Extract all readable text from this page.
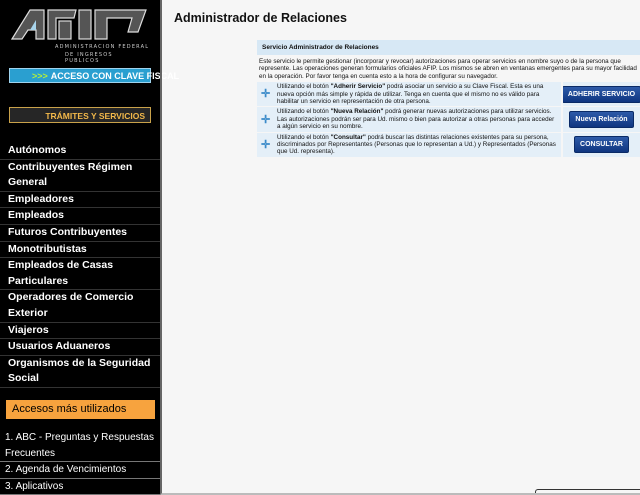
ADMINISTRACION FEDERAL
DE INGRESOS PUBLICOS
>>> ACCESO CON CLAVE FISCAL
TRÁMITES Y SERVICIOS
Autónomos
Contribuyentes Régimen General
Empleadores
Empleados
Futuros Contribuyentes
Monotributistas
Empleados de Casas Particulares
Operadores de Comercio Exterior
Viajeros
Usuarios Aduaneros
Organismos de la Seguridad Social
Accesos más utilizados
1. ABC - Preguntas y Respuestas Frecuentes
2. Agenda de Vencimientos
3. Aplicativos
Administrador de Relaciones
Servicio Administrador de Relaciones
Este servicio le permite gestionar (incorporar y revocar) autorizaciones para operar servicios en nombre suyo o de la persona que represente. Las operaciones generan formularios oficiales AFIP. Los mismos se abren en ventanas emergentes para su mayor facilidad en la operación. Por favor tenga en cuenta esto a la hora de configurar su navegador.
✛
Utilizando el botón "Adherir Servicio" podrá asociar un servicio a su Clave Fiscal. Esta es una nueva opción más simple y rápida de utilizar. Tenga en cuenta que el mismo no es válido para habilitar un servicio en representación de otra persona.
ADHERIR SERVICIO
✛
Utilizando el botón "Nueva Relación" podrá generar nuevas autorizaciones para utilizar servicios. Las autorizaciones podrán ser para Ud. mismo o bien para autorizar a otras personas para acceder a algún servicio en su nombre.
Nueva Relación
✛
Utilizando el botón "Consultar" podrá buscar las distintas relaciones existentes para su persona, discriminados por Representantes (Personas que lo representan a Ud.) y Representados (Personas que Ud. representa).
CONSULTAR
